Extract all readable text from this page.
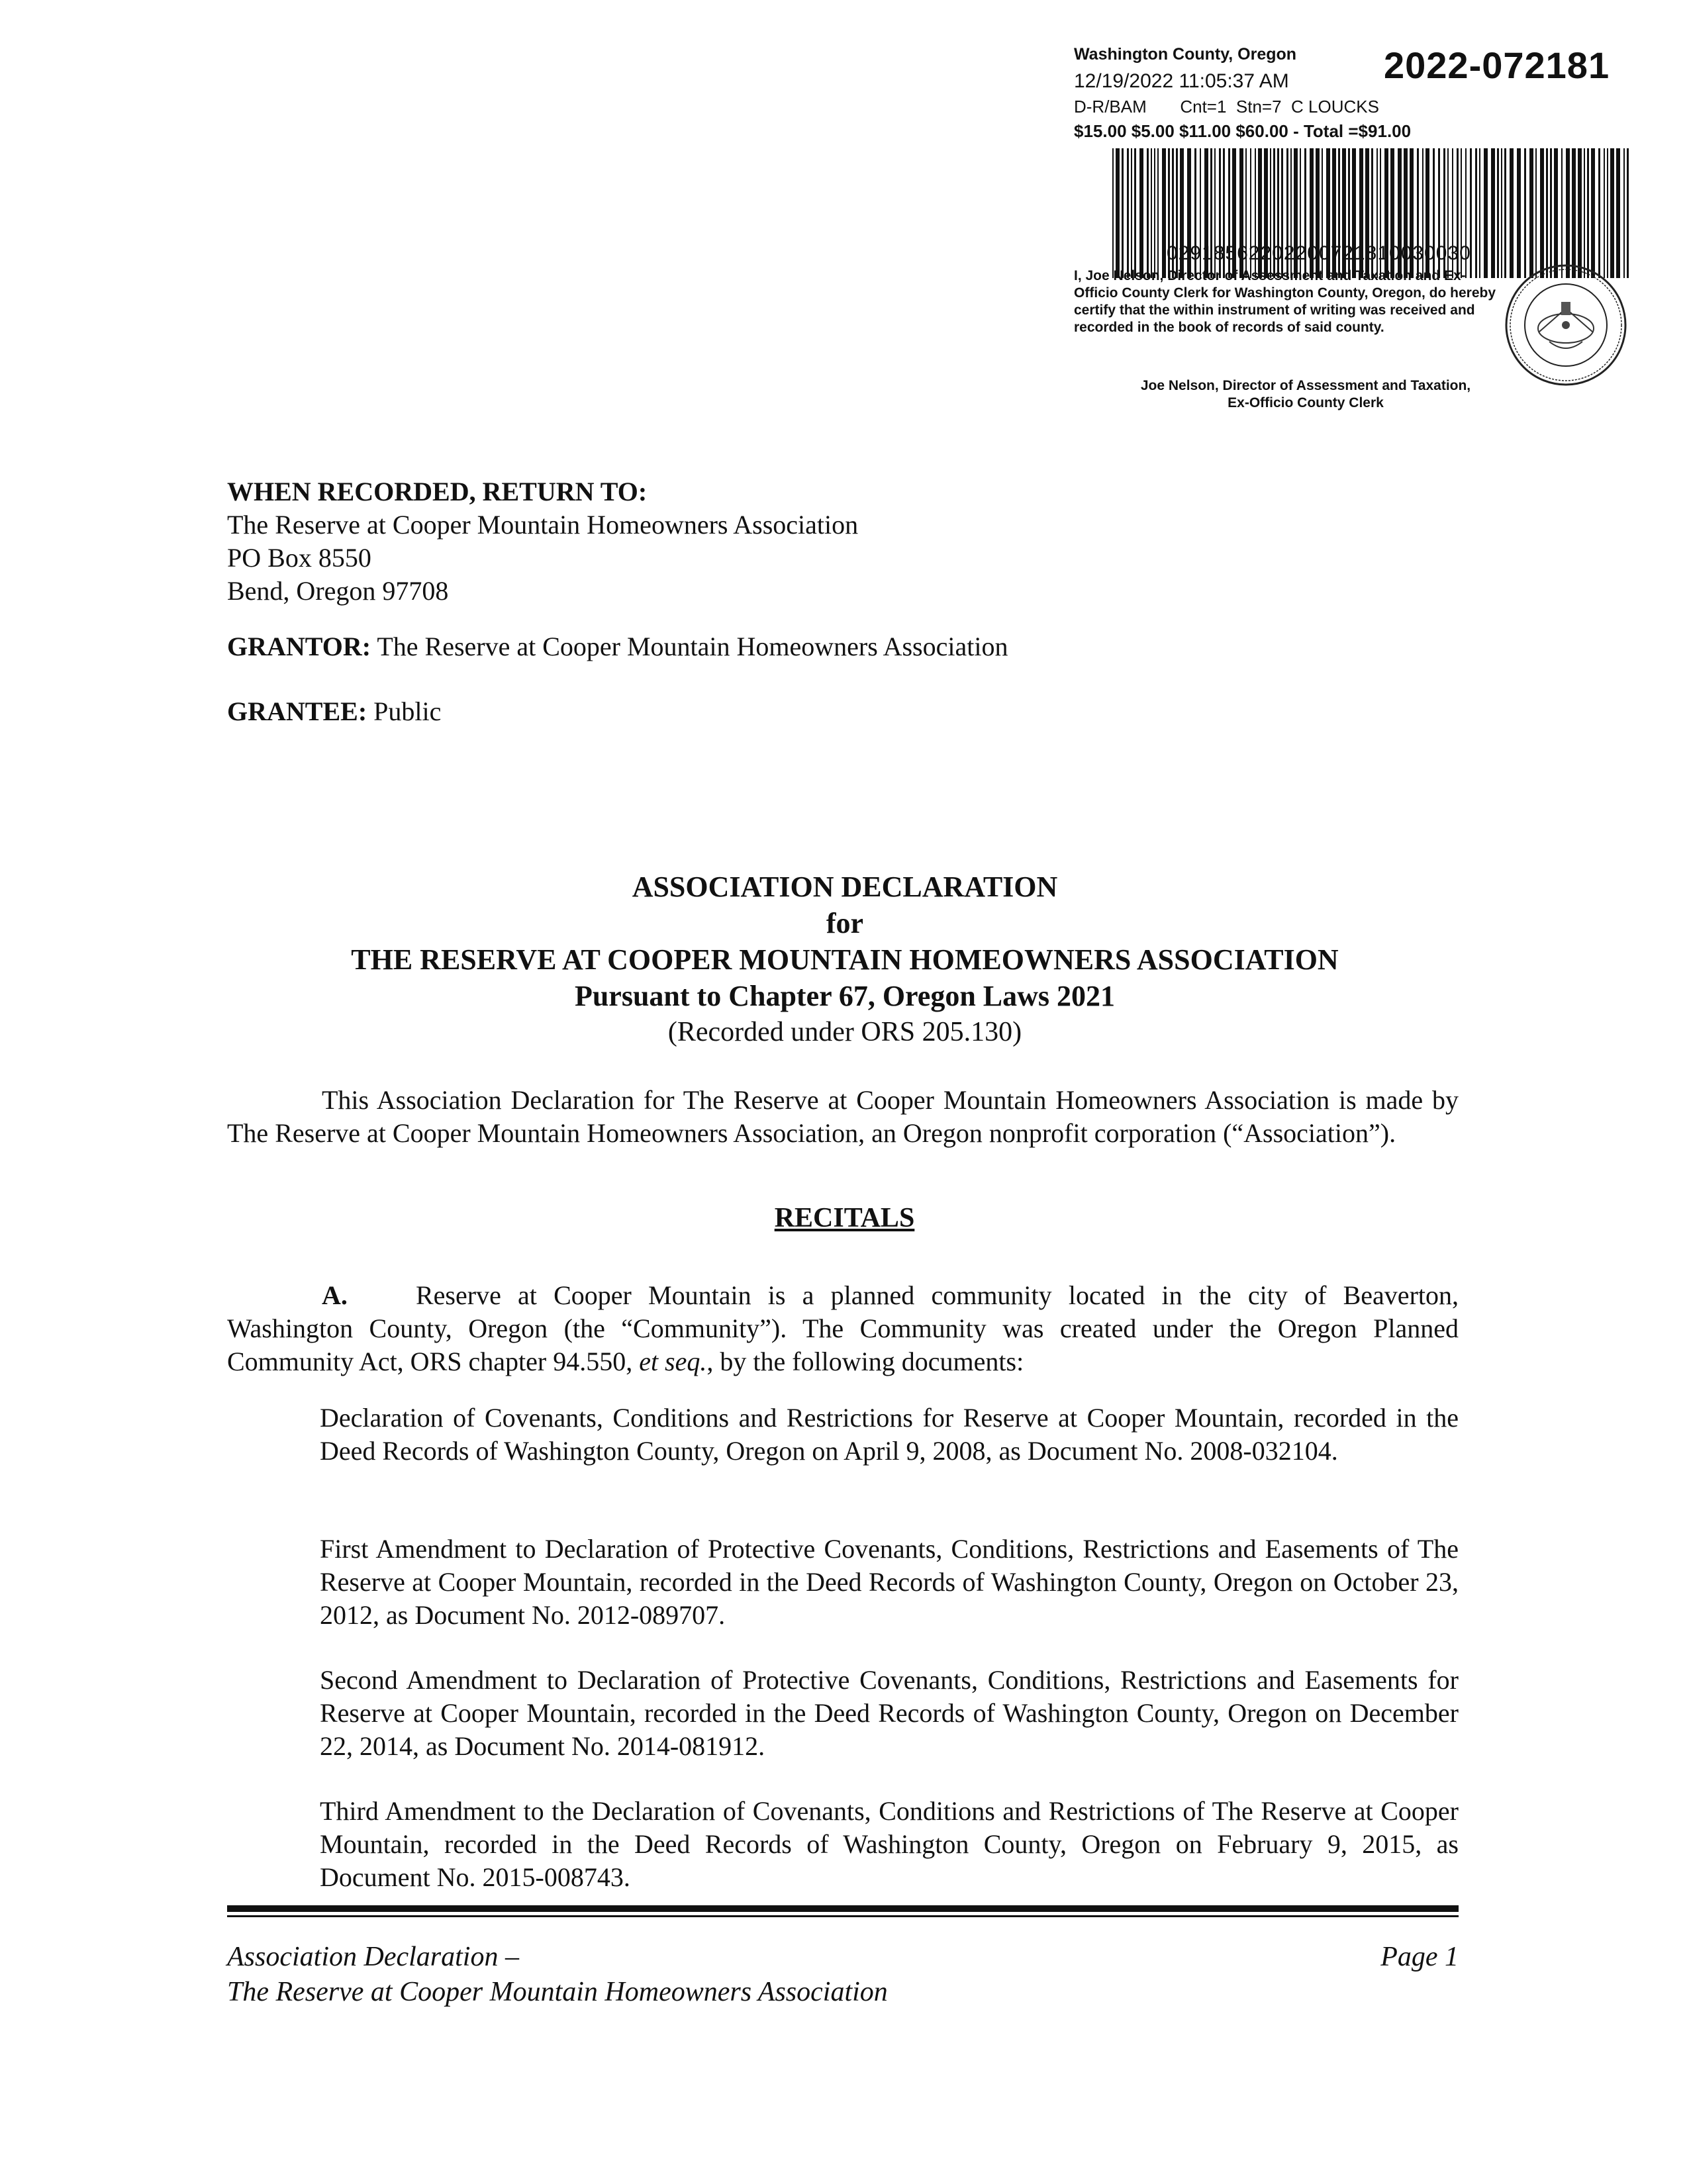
Washington County, Oregon 2022-072181
12/19/2022 11:05:37 AM
D-R/BAM       Cnt=1  Stn=7  C LOUCKS
$15.00 $5.00 $11.00 $60.00 - Total =$91.00
02918562202200721810030030
I, Joe Nelson, Director of Assessment and Taxation and Ex-Officio County Clerk for Washington County, Oregon, do hereby certify that the within instrument of writing was received and recorded in the book of records of said county.
Joe Nelson, Director of Assessment and Taxation,
Ex-Officio County Clerk
WHEN RECORDED, RETURN TO:
The Reserve at Cooper Mountain Homeowners Association
PO Box 8550
Bend, Oregon 97708
GRANTOR: The Reserve at Cooper Mountain Homeowners Association
GRANTEE: Public
ASSOCIATION DECLARATION
for
THE RESERVE AT COOPER MOUNTAIN HOMEOWNERS ASSOCIATION
Pursuant to Chapter 67, Oregon Laws 2021
(Recorded under ORS 205.130)
This Association Declaration for The Reserve at Cooper Mountain Homeowners Association is made by The Reserve at Cooper Mountain Homeowners Association, an Oregon nonprofit corporation (“Association”).
RECITALS
A.	Reserve at Cooper Mountain is a planned community located in the city of Beaverton, Washington County, Oregon (the “Community”). The Community was created under the Oregon Planned Community Act, ORS chapter 94.550, et seq., by the following documents:
Declaration of Covenants, Conditions and Restrictions for Reserve at Cooper Mountain, recorded in the Deed Records of Washington County, Oregon on April 9, 2008, as Document No. 2008-032104.
First Amendment to Declaration of Protective Covenants, Conditions, Restrictions and Easements of The Reserve at Cooper Mountain, recorded in the Deed Records of Washington County, Oregon on October 23, 2012, as Document No. 2012-089707.
Second Amendment to Declaration of Protective Covenants, Conditions, Restrictions and Easements for Reserve at Cooper Mountain, recorded in the Deed Records of Washington County, Oregon on December 22, 2014, as Document No. 2014-081912.
Third Amendment to the Declaration of Covenants, Conditions and Restrictions of The Reserve at Cooper Mountain, recorded in the Deed Records of Washington County, Oregon on February 9, 2015, as Document No. 2015-008743.
Association Declaration –
The Reserve at Cooper Mountain Homeowners Association
Page 1
